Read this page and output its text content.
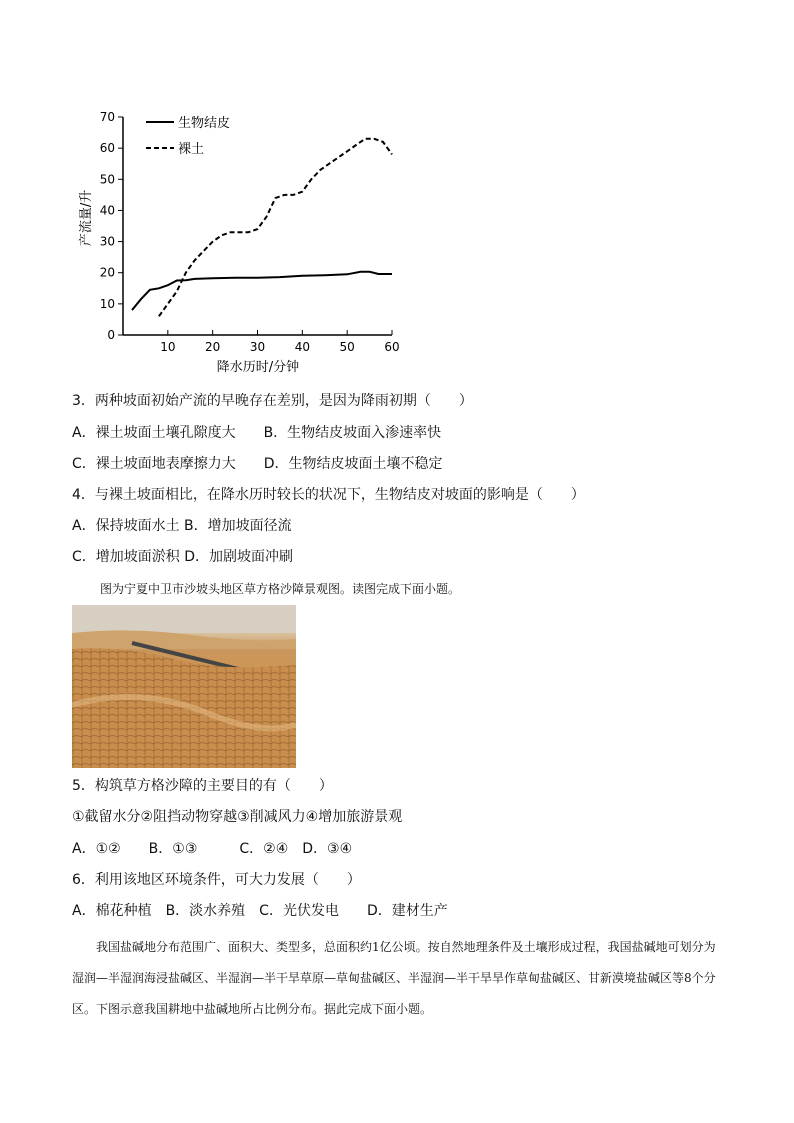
0
10
20
30
40
50
60
70
10 20 30 40 50 60
生物结皮
裸土
降水历时/分钟
产流量/升
3．两种坡面初始产流的早晚存在差别，是因为降雨初期（　　）
A．裸土坡面土壤孔隙度大　　B．生物结皮坡面入渗速率快
C．裸土坡面地表摩擦力大　　D．生物结皮坡面土壤不稳定
4．与裸土坡面相比，在降水历时较长的状况下，生物结皮对坡面的影响是（　　）
A．保持坡面水土 B．增加坡面径流
C．增加坡面淤积 D．加剧坡面冲刷
图为宁夏中卫市沙坡头地区草方格沙障景观图。读图完成下面小题。
5．构筑草方格沙障的主要目的有（　　）
①截留水分②阻挡动物穿越③削减风力④增加旅游景观
A．①②　　B．①③　　　C．②④　D．③④
6．利用该地区环境条件，可大力发展（　　）
A．棉花种植　B．淡水养殖　C．光伏发电　　D．建材生产
　　我国盐碱地分布范围广、面积大、类型多，总面积约1亿公顷。按自然地理条件及土壤形成过程，我国盐碱地可划分为湿润—半湿润海浸盐碱区、半湿润—半干旱草原—草甸盐碱区、半湿润—半干旱旱作草甸盐碱区、甘新漠境盐碱区等8个分区。下图示意我国耕地中盐碱地所占比例分布。据此完成下面小题。
